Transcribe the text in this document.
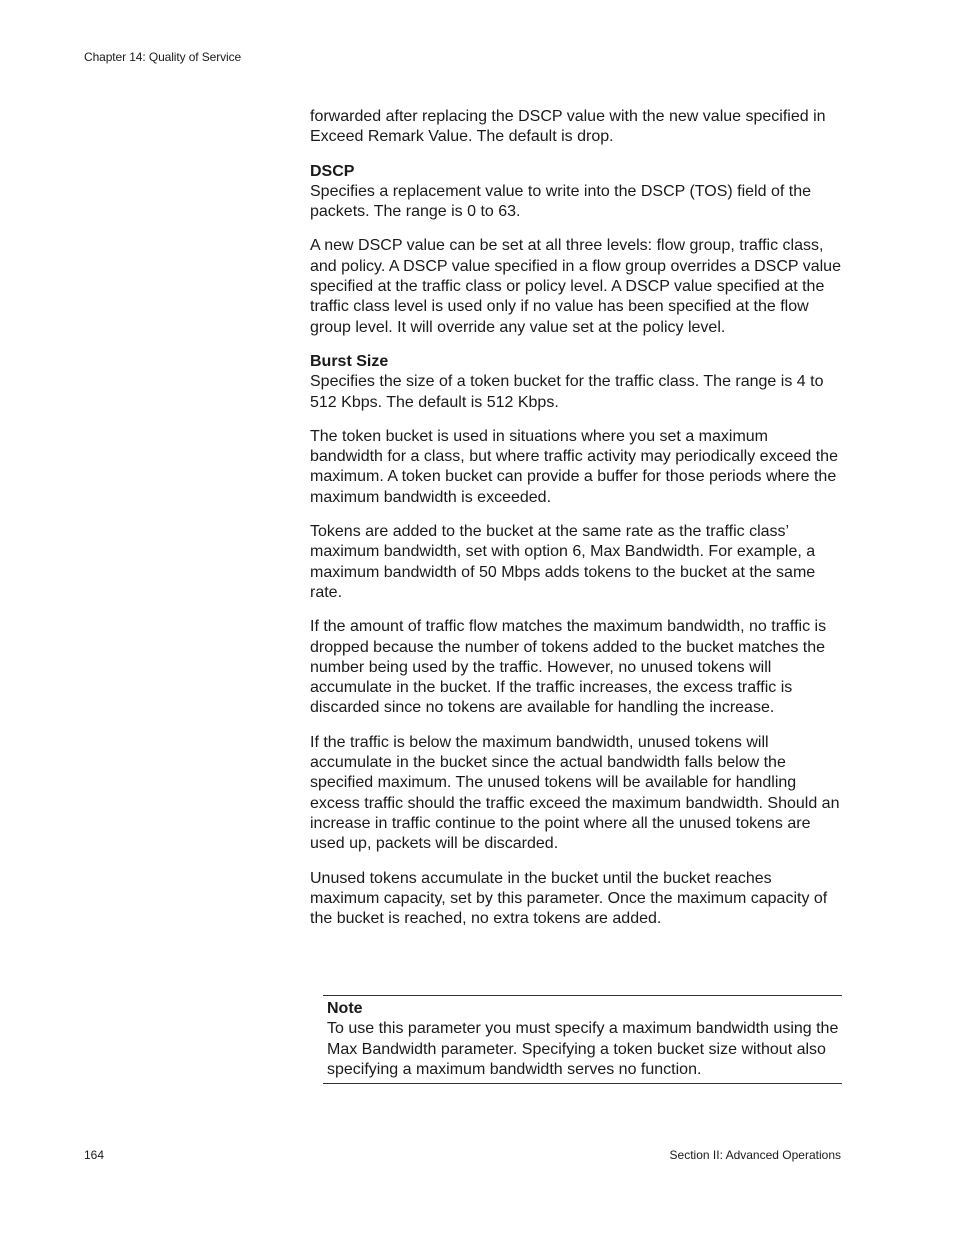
Chapter 14: Quality of Service

forwarded after replacing the DSCP value with the new value specified in Exceed Remark Value. The default is drop.

DSCP

Specifies a replacement value to write into the DSCP (TOS) field of the packets. The range is 0 to 63.

A new DSCP value can be set at all three levels: flow group, traffic class, and policy. A DSCP value specified in a flow group overrides a DSCP value specified at the traffic class or policy level. A DSCP value specified at the traffic class level is used only if no value has been specified at the flow group level. It will override any value set at the policy level.

Burst Size

Specifies the size of a token bucket for the traffic class. The range is 4 to 512 Kbps. The default is 512 Kbps.

The token bucket is used in situations where you set a maximum bandwidth for a class, but where traffic activity may periodically exceed the maximum. A token bucket can provide a buffer for those periods where the maximum bandwidth is exceeded.

Tokens are added to the bucket at the same rate as the traffic class’ maximum bandwidth, set with option 6, Max Bandwidth. For example, a maximum bandwidth of 50 Mbps adds tokens to the bucket at the same rate.

If the amount of traffic flow matches the maximum bandwidth, no traffic is dropped because the number of tokens added to the bucket matches the number being used by the traffic. However, no unused tokens will accumulate in the bucket. If the traffic increases, the excess traffic is discarded since no tokens are available for handling the increase.

If the traffic is below the maximum bandwidth, unused tokens will accumulate in the bucket since the actual bandwidth falls below the specified maximum. The unused tokens will be available for handling excess traffic should the traffic exceed the maximum bandwidth. Should an increase in traffic continue to the point where all the unused tokens are used up, packets will be discarded.

Unused tokens accumulate in the bucket until the bucket reaches maximum capacity, set by this parameter. Once the maximum capacity of the bucket is reached, no extra tokens are added.

Note
To use this parameter you must specify a maximum bandwidth using the Max Bandwidth parameter. Specifying a token bucket size without also specifying a maximum bandwidth serves no function.
164	Section II: Advanced Operations
